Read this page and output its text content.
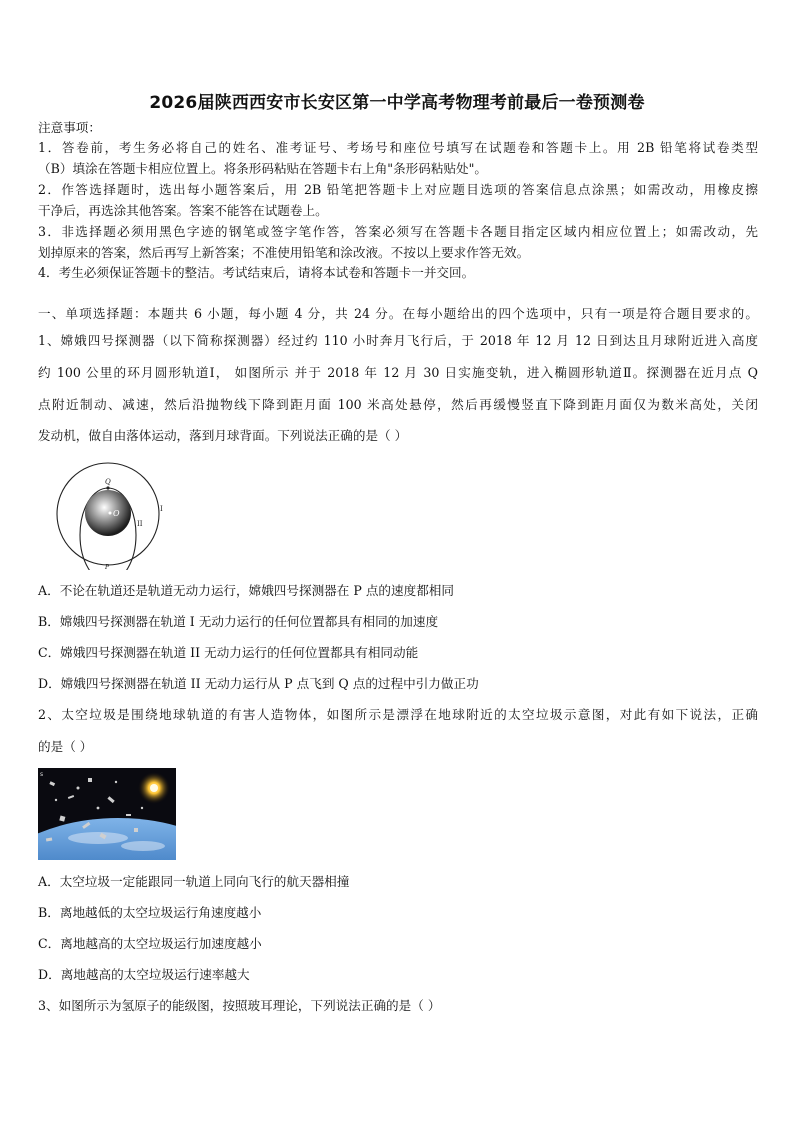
2026届陕西西安市长安区第一中学高考物理考前最后一卷预测卷
注意事项：
1．答卷前，考生务必将自己的姓名、准考证号、考场号和座位号填写在试题卷和答题卡上。用 2B 铅笔将试卷类型
（B）填涂在答题卡相应位置上。将条形码粘贴在答题卡右上角"条形码粘贴处"。
2．作答选择题时，选出每小题答案后，用 2B 铅笔把答题卡上对应题目选项的答案信息点涂黑；如需改动，用橡皮擦
干净后，再选涂其他答案。答案不能答在试题卷上。
3．非选择题必须用黑色字迹的钢笔或签字笔作答，答案必须写在答题卡各题目指定区域内相应位置上；如需改动，先
划掉原来的答案，然后再写上新答案；不准使用铅笔和涂改液。不按以上要求作答无效。
4．考生必须保证答题卡的整洁。考试结束后，请将本试卷和答题卡一并交回。
一、单项选择题：本题共 6 小题，每小题 4 分，共 24 分。在每小题给出的四个选项中，只有一项是符合题目要求的。
1、嫦娥四号探测器（以下简称探测器）经过约 110 小时奔月飞行后，于 2018 年 12 月 12 日到达且月球附近进入高度
约 100 公里的环月圆形轨道Ⅰ， 如图所示 并于 2018 年 12 月 30 日实施变轨，进入椭圆形轨道Ⅱ。探测器在近月点 Q
点附近制动、减速，然后沿抛物线下降到距月面 100 米高处悬停，然后再缓慢竖直下降到距月面仅为数米高处，关闭
发动机，做自由落体运动，落到月球背面。下列说法正确的是（ ）
O
Q
II
I
P
A．不论在轨道还是轨道无动力运行，嫦娥四号探测器在 P 点的速度都相同
B．嫦娥四号探测器在轨道 I 无动力运行的任何位置都具有相同的加速度
C．嫦娥四号探测器在轨道 II 无动力运行的任何位置都具有相同动能
D．嫦娥四号探测器在轨道 II 无动力运行从 P 点飞到 Q 点的过程中引力做正功
2、太空垃圾是围绕地球轨道的有害人造物体，如图所示是漂浮在地球附近的太空垃圾示意图，对此有如下说法，正确
的是（ ）
s
A．太空垃圾一定能跟同一轨道上同向飞行的航天器相撞
B．离地越低的太空垃圾运行角速度越小
C．离地越高的太空垃圾运行加速度越小
D．离地越高的太空垃圾运行速率越大
3、如图所示为氢原子的能级图，按照玻耳理论，下列说法正确的是（ ）
